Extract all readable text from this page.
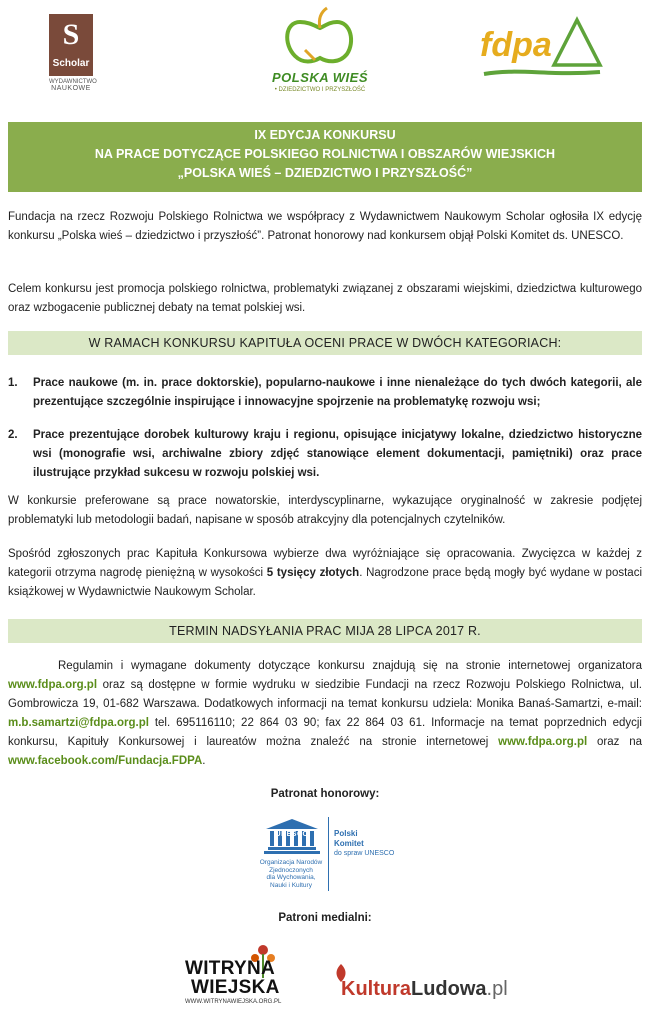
S
Scholar
WYDAWNICTWO
NAUKOWE
POLSKA WIEŚ
• DZIEDZICTWO I PRZYSZŁOŚĆ
fdpa
IX EDYCJA KONKURSU
NA PRACE DOTYCZĄCE POLSKIEGO ROLNICTWA I OBSZARÓW WIEJSKICH
„POLSKA WIEŚ – DZIEDZICTWO I PRZYSZŁOŚĆ”
Fundacja na rzecz Rozwoju Polskiego Rolnictwa we współpracy z Wydawnictwem Naukowym Scholar ogłosiła IX edycję konkursu „Polska wieś – dziedzictwo i przyszłość”. Patronat honorowy nad konkursem objął Polski Komitet ds. UNESCO.
Celem konkursu jest promocja polskiego rolnictwa, problematyki związanej z obszarami wiejskimi, dziedzictwa kulturowego oraz wzbogacenie publicznej debaty na temat polskiej wsi.
W RAMACH KONKURSU KAPITUŁA OCENI PRACE W DWÓCH KATEGORIACH:
1. Prace naukowe (m. in. prace doktorskie), popularno-naukowe i inne nienależące do tych dwóch kategorii, ale prezentujące szczególnie inspirujące i innowacyjne spojrzenie na problematykę rozwoju wsi;
2. Prace prezentujące dorobek kulturowy kraju i regionu, opisujące inicjatywy lokalne, dziedzictwo historyczne wsi (monografie wsi, archiwalne zbiory zdjęć stanowiące element dokumentacji, pamiętniki) oraz prace ilustrujące przykład sukcesu w rozwoju polskiej wsi.
W konkursie preferowane są prace nowatorskie, interdyscyplinarne, wykazujące oryginalność w zakresie podjętej problematyki lub metodologii badań, napisane w sposób atrakcyjny dla potencjalnych czytelników.
Spośród zgłoszonych prac Kapituła Konkursowa wybierze dwa wyróżniające się opracowania. Zwycięzca w każdej z kategorii otrzyma nagrodę pieniężną w wysokości 5 tysięcy złotych. Nagrodzone prace będą mogły być wydane w postaci książkowej w Wydawnictwie Naukowym Scholar.
TERMIN NADSYŁANIA PRAC MIJA 28 LIPCA 2017 R.
Regulamin i wymagane dokumenty dotyczące konkursu znajdują się na stronie internetowej organizatora www.fdpa.org.pl oraz są dostępne w formie wydruku w siedzibie Fundacji na rzecz Rozwoju Polskiego Rolnictwa, ul. Gombrowicza 19, 01-682 Warszawa. Dodatkowych informacji na temat konkursu udziela: Monika Banaś-Samartzi, e-mail: m.b.samartzi@fdpa.org.pl tel. 695116110; 22 864 03 90; fax 22 864 03 61. Informacje na temat poprzednich edycji konkursu, Kapituły Konkursowej i laureatów można znaleźć na stronie internetowej www.fdpa.org.pl oraz na www.facebook.com/Fundacja.FDPA.
Patronat honorowy:
UNESCO
Organizacja Narodów
Zjednoczonych
dla Wychowania,
Nauki i Kultury
Polski
Komitet
do spraw UNESCO
Patroni medialni:
WITRYNA
WIEJSKA
WWW.WITRYNAWIEJSKA.ORG.PL
KulturaLudowa.pl
